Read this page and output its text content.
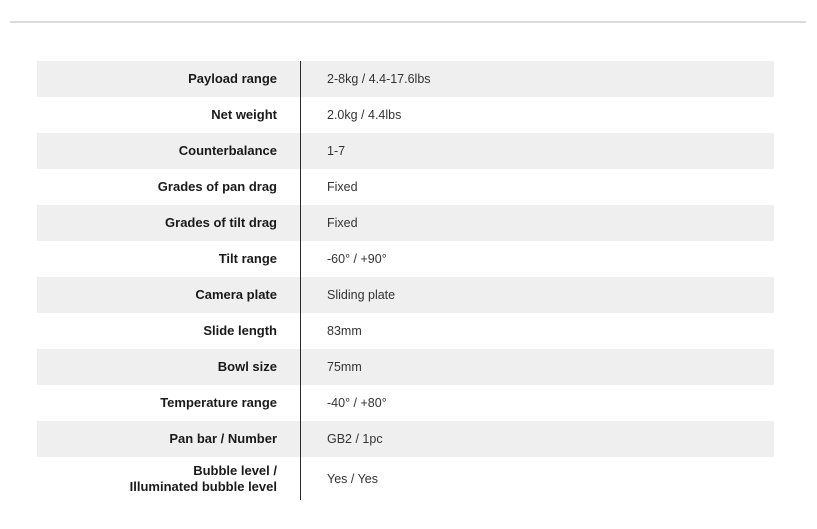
Payload range	2-8kg / 4.4-17.6lbs
Net weight	2.0kg / 4.4lbs
Counterbalance	1-7
Grades of pan drag	Fixed
Grades of tilt drag	Fixed
Tilt range	-60° / +90°
Camera plate	Sliding plate
Slide length	83mm
Bowl size	75mm
Temperature range	-40° / +80°
Pan bar / Number	GB2 / 1pc
Bubble level /
Illuminated bubble level	Yes / Yes
